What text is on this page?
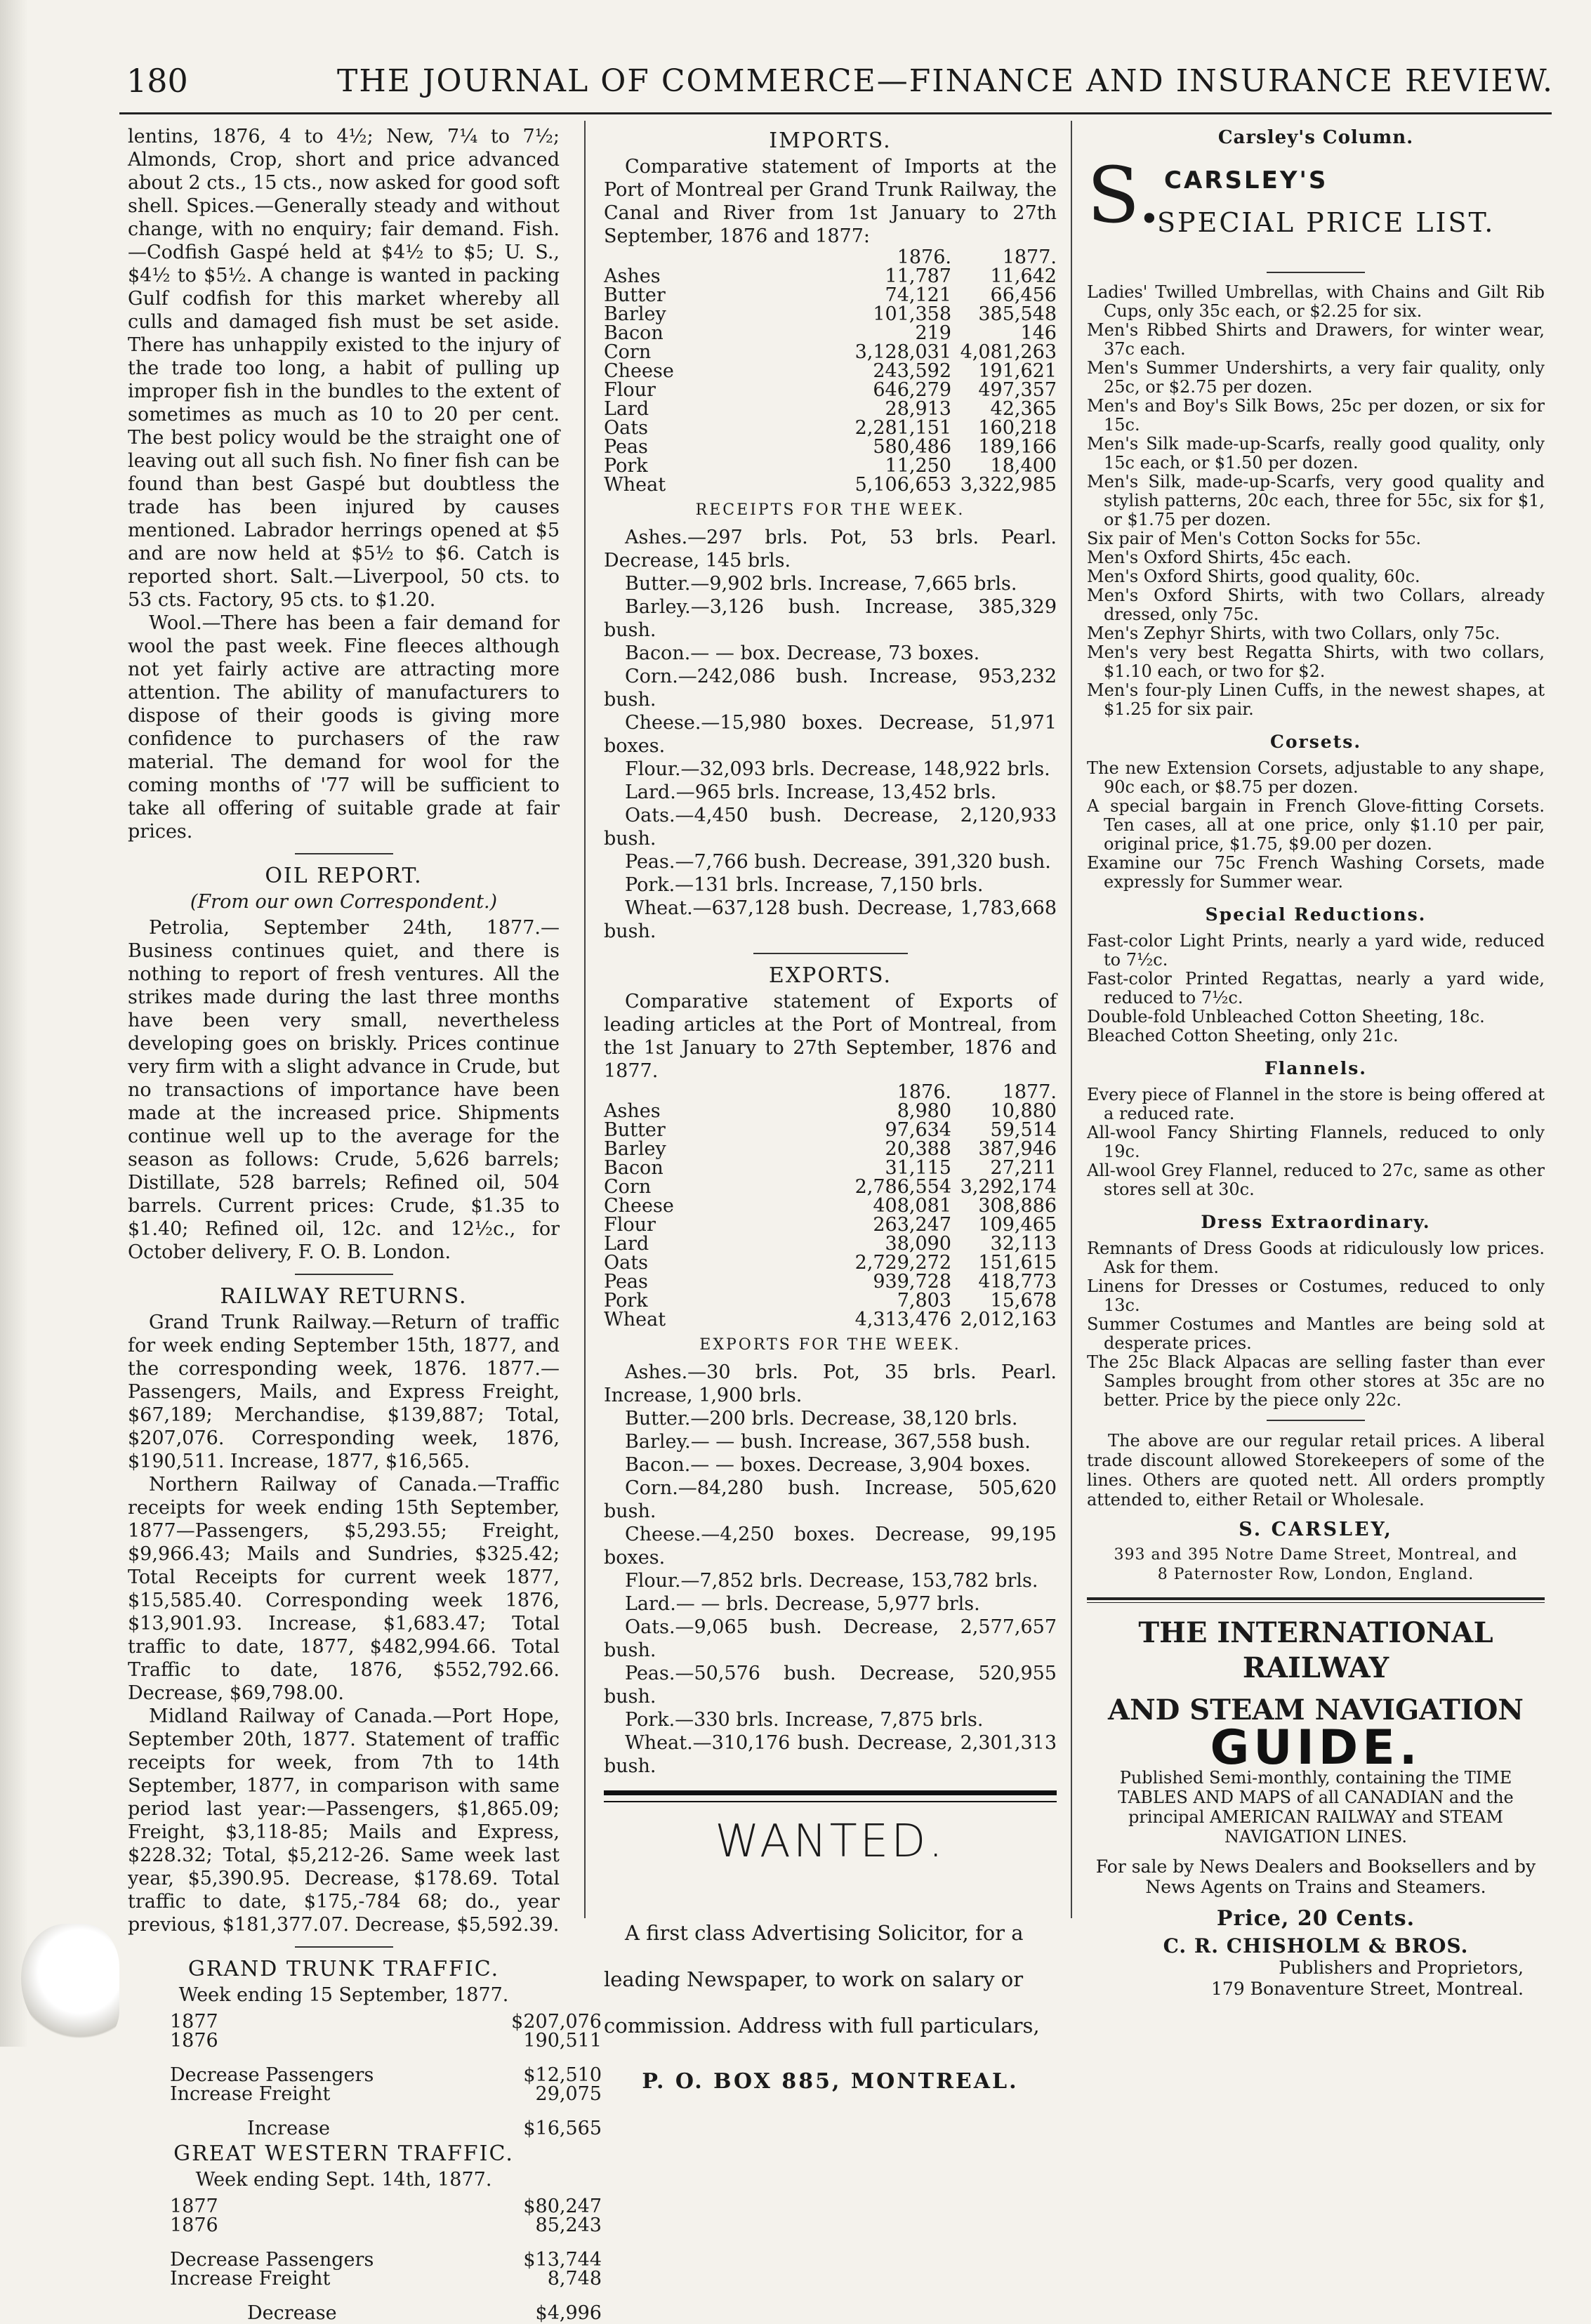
180	THE JOURNAL OF COMMERCE—FINANCE AND INSURANCE REVIEW.

lentins, 1876, 4 to 4½; New, 7¼ to 7½; Almonds, Crop, short and price advanced about 2 cts., 15 cts., now asked for good soft shell. Spices.—Generally steady and without change, with no enquiry; fair demand. Fish.—Codfish Gaspé held at $4½ to $5; U. S., $4½ to $5½. A change is wanted in packing Gulf codfish for this market whereby all culls and damaged fish must be set aside. There has unhappily existed to the injury of the trade too long, a habit of pulling up improper fish in the bundles to the extent of sometimes as much as 10 to 20 per cent. The best policy would be the straight one of leaving out all such fish. No finer fish can be found than best Gaspé but doubtless the trade has been injured by causes mentioned. Labrador herrings opened at $5 and are now held at $5½ to $6. Catch is reported short. Salt.—Liverpool, 50 cts. to 53 cts. Factory, 95 cts. to $1.20.

Wool.—There has been a fair demand for wool the past week. Fine fleeces although not yet fairly active are attracting more attention. The ability of manufacturers to dispose of their goods is giving more confidence to purchasers of the raw material. The demand for wool for the coming months of '77 will be sufficient to take all offering of suitable grade at fair prices.

OIL REPORT.
(From our own Correspondent.)

Petrolia, September 24th, 1877.—Business continues quiet, and there is nothing to report of fresh ventures. All the strikes made during the last three months have been very small, nevertheless developing goes on briskly. Prices continue very firm with a slight advance in Crude, but no transactions of importance have been made at the increased price. Shipments continue well up to the average for the season as follows: Crude, 5,626 barrels; Distillate, 528 barrels; Refined oil, 504 barrels. Current prices: Crude, $1.35 to $1.40; Refined oil, 12c. and 12½c., for October delivery, F. O. B. London.

RAILWAY RETURNS.

Grand Trunk Railway.—Return of traffic for week ending September 15th, 1877, and the corresponding week, 1876. 1877.—Passengers, Mails, and Express Freight, $67,189; Merchandise, $139,887; Total, $207,076. Corresponding week, 1876, $190,511. Increase, 1877, $16,565.

Northern Railway of Canada.—Traffic receipts for week ending 15th September, 1877—Passengers, $5,293.55; Freight, $9,966.43; Mails and Sundries, $325.42; Total Receipts for current week 1877, $15,585.40. Corresponding week 1876, $13,901.93. Increase, $1,683.47; Total traffic to date, 1877, $482,994.66. Total Traffic to date, 1876, $552,792.66. Decrease, $69,798.00.

Midland Railway of Canada.—Port Hope, September 20th, 1877. Statement of traffic receipts for week, from 7th to 14th September, 1877, in comparison with same period last year:—Passengers, $1,865.09; Freight, $3,118-85; Mails and Express, $228.32; Total, $5,212-26. Same week last year, $5,390.95. Decrease, $178.69. Total traffic to date, $175,-784 68; do., year previous, $181,377.07. Decrease, $5,592.39.

GRAND TRUNK TRAFFIC.
Week ending 15 September, 1877.
1877	$207,076
1876	190,511

Decrease Passengers	$12,510
Increase Freight	29,075

Increase	$16,565
GREAT WESTERN TRAFFIC.
Week ending Sept. 14th, 1877.
1877	$80,247
1876	85,243

Decrease Passengers	$13,744
Increase Freight	8,748

Decrease	$4,996
IMPORTS.

Comparative statement of Imports at the Port of Montreal per Grand Trunk Railway, the Canal and River from 1st January to 27th September, 1876 and 1877:

	1876.	1877.
Ashes	11,787	11,642
Butter	74,121	66,456
Barley	101,358	385,548
Bacon	219	146
Corn	3,128,031	4,081,263
Cheese	243,592	191,621
Flour	646,279	497,357
Lard	28,913	42,365
Oats	2,281,151	160,218
Peas	580,486	189,166
Pork	11,250	18,400
Wheat	5,106,653	3,322,985
RECEIPTS FOR THE WEEK.

Ashes.—297 brls. Pot, 53 brls. Pearl. Decrease, 145 brls.

Butter.—9,902 brls. Increase, 7,665 brls.

Barley.—3,126 bush. Increase, 385,329 bush.

Bacon.— — box. Decrease, 73 boxes.

Corn.—242,086 bush. Increase, 953,232 bush.

Cheese.—15,980 boxes. Decrease, 51,971 boxes.

Flour.—32,093 brls. Decrease, 148,922 brls.

Lard.—965 brls. Increase, 13,452 brls.

Oats.—4,450 bush. Decrease, 2,120,933 bush.

Peas.—7,766 bush. Decrease, 391,320 bush.

Pork.—131 brls. Increase, 7,150 brls.

Wheat.—637,128 bush. Decrease, 1,783,668 bush.

EXPORTS.

Comparative statement of Exports of leading articles at the Port of Montreal, from the 1st January to 27th September, 1876 and 1877.

	1876.	1877.
Ashes	8,980	10,880
Butter	97,634	59,514
Barley	20,388	387,946
Bacon	31,115	27,211
Corn	2,786,554	3,292,174
Cheese	408,081	308,886
Flour	263,247	109,465
Lard	38,090	32,113
Oats	2,729,272	151,615
Peas	939,728	418,773
Pork	7,803	15,678
Wheat	4,313,476	2,012,163
EXPORTS FOR THE WEEK.

Ashes.—30 brls. Pot, 35 brls. Pearl. Increase, 1,900 brls.

Butter.—200 brls. Decrease, 38,120 brls.

Barley.— — bush. Increase, 367,558 bush.

Bacon.— — boxes. Decrease, 3,904 boxes.

Corn.—84,280 bush. Increase, 505,620 bush.

Cheese.—4,250 boxes. Decrease, 99,195 boxes.

Flour.—7,852 brls. Decrease, 153,782 brls.

Lard.— — brls. Decrease, 5,977 brls.

Oats.—9,065 bush. Decrease, 2,577,657 bush.

Peas.—50,576 bush. Decrease, 520,955 bush.

Pork.—330 brls. Increase, 7,875 brls.

Wheat.—310,176 bush. Decrease, 2,301,313 bush.

WANTED.

A first class Advertising Solicitor, for a leading Newspaper, to work on salary or commission. Address with full particulars,

P. O. BOX 885, MONTREAL.
Carsley's Column.
S. CARSLEY'S
SPECIAL PRICE LIST.

Ladies' Twilled Umbrellas, with Chains and Gilt Rib Cups, only 35c each, or $2.25 for six.

Men's Ribbed Shirts and Drawers, for winter wear, 37c each.

Men's Summer Undershirts, a very fair quality, only 25c, or $2.75 per dozen.

Men's and Boy's Silk Bows, 25c per dozen, or six for 15c.

Men's Silk made-up-Scarfs, really good quality, only 15c each, or $1.50 per dozen.

Men's Silk, made-up-Scarfs, very good quality and stylish patterns, 20c each, three for 55c, six for $1, or $1.75 per dozen.

Six pair of Men's Cotton Socks for 55c.

Men's Oxford Shirts, 45c each.

Men's Oxford Shirts, good quality, 60c.

Men's Oxford Shirts, with two Collars, already dressed, only 75c.

Men's Zephyr Shirts, with two Collars, only 75c.

Men's very best Regatta Shirts, with two collars, $1.10 each, or two for $2.

Men's four-ply Linen Cuffs, in the newest shapes, at $1.25 for six pair.

Corsets.

The new Extension Corsets, adjustable to any shape, 90c each, or $8.75 per dozen.

A special bargain in French Glove-fitting Corsets. Ten cases, all at one price, only $1.10 per pair, original price, $1.75, $9.00 per dozen.

Examine our 75c French Washing Corsets, made expressly for Summer wear.

Special Reductions.

Fast-color Light Prints, nearly a yard wide, reduced to 7½c.

Fast-color Printed Regattas, nearly a yard wide, reduced to 7½c.

Double-fold Unbleached Cotton Sheeting, 18c.

Bleached Cotton Sheeting, only 21c.

Flannels.

Every piece of Flannel in the store is being offered at a reduced rate.

All-wool Fancy Shirting Flannels, reduced to only 19c.

All-wool Grey Flannel, reduced to 27c, same as other stores sell at 30c.

Dress Extraordinary.

Remnants of Dress Goods at ridiculously low prices. Ask for them.

Linens for Dresses or Costumes, reduced to only 13c.

Summer Costumes and Mantles are being sold at desperate prices.

The 25c Black Alpacas are selling faster than ever Samples brought from other stores at 35c are no better. Price by the piece only 22c.

The above are our regular retail prices. A liberal trade discount allowed Storekeepers of some of the lines. Others are quoted nett. All orders promptly attended to, either Retail or Wholesale.

S. CARSLEY,
393 and 395 Notre Dame Street, Montreal, and
8 Paternoster Row, London, England.
THE INTERNATIONAL RAILWAY
AND STEAM NAVIGATION
GUIDE.

Published Semi-monthly, containing the TIME TABLES AND MAPS of all CANADIAN and the principal AMERICAN RAILWAY and STEAM NAVIGATION LINES.

For sale by News Dealers and Booksellers and by News Agents on Trains and Steamers.

Price, 20 Cents.
C. R. CHISHOLM & BROS.
Publishers and Proprietors,
179 Bonaventure Street, Montreal.
